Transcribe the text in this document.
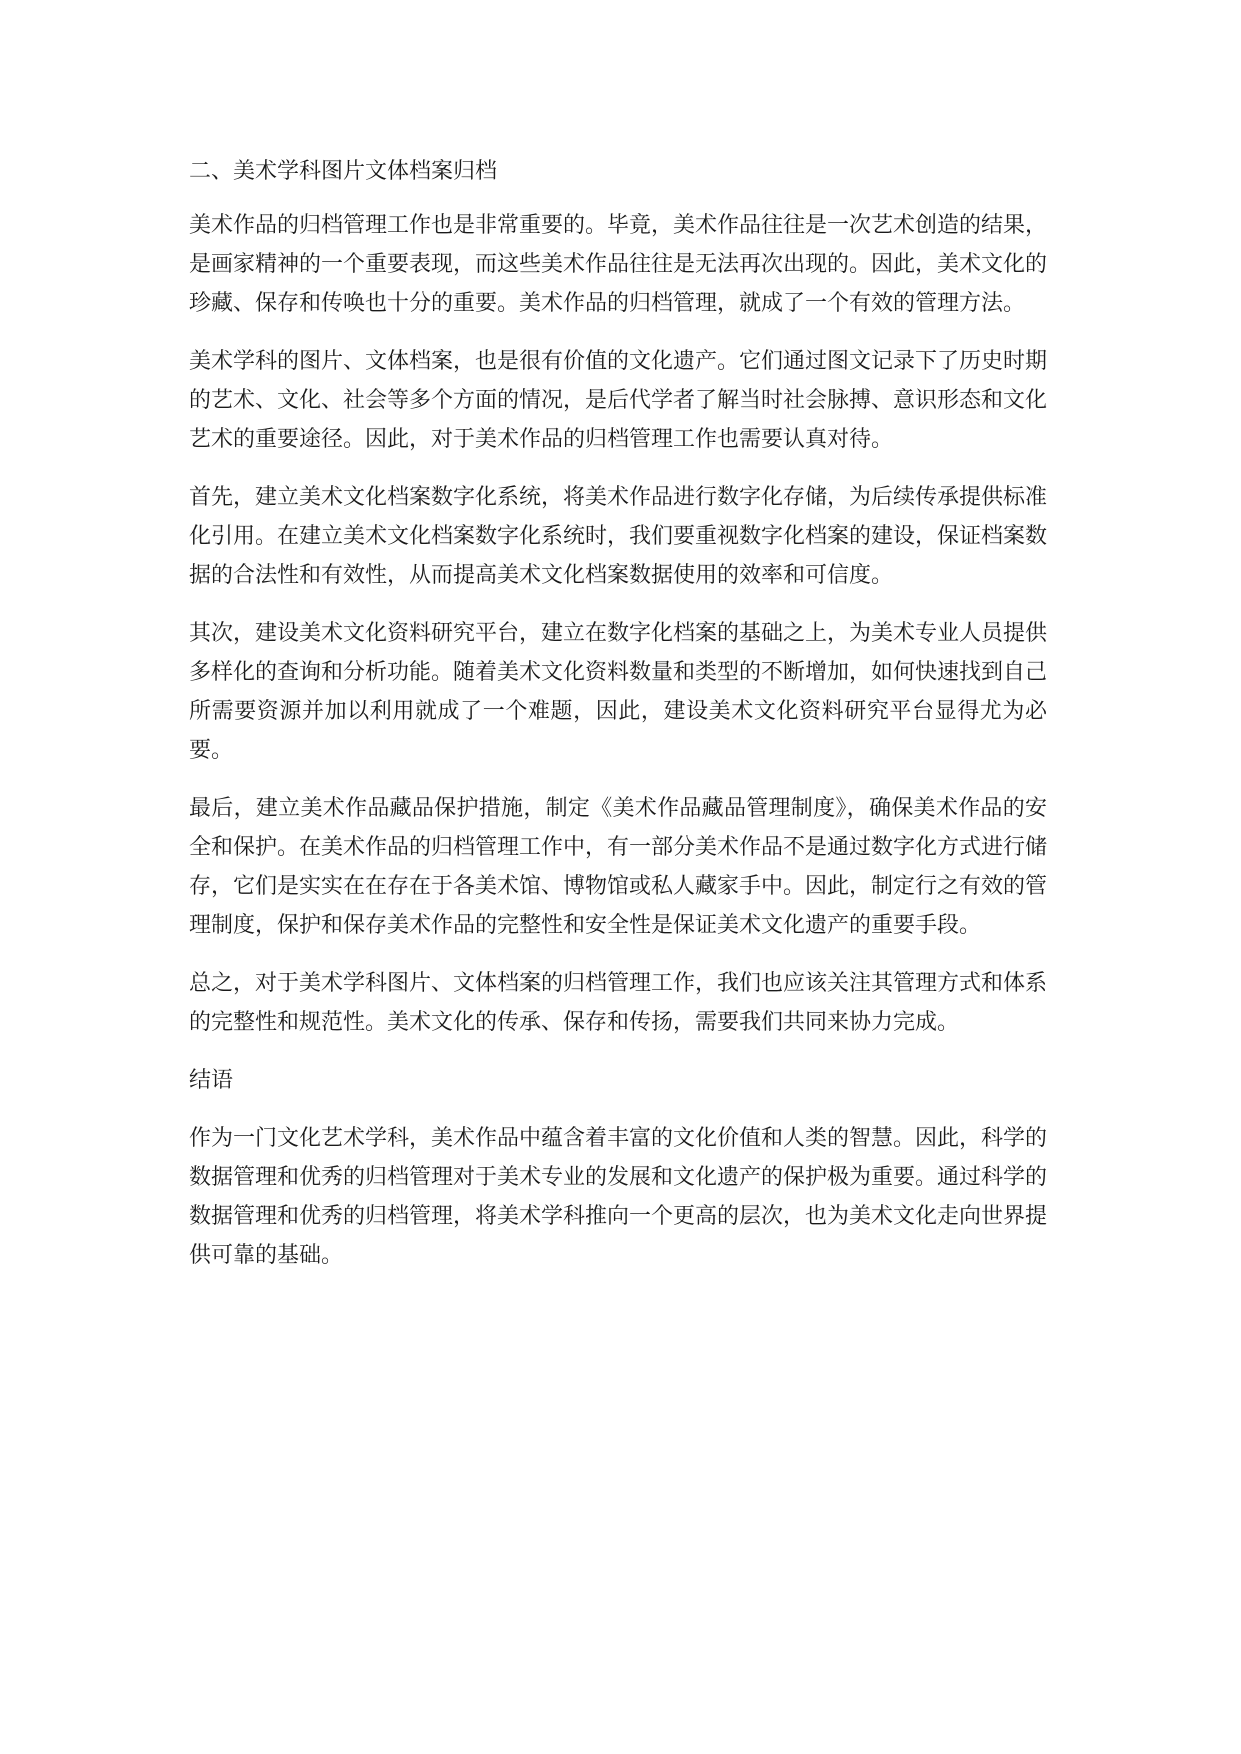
二、美术学科图片文体档案归档

美术作品的归档管理工作也是非常重要的。毕竟，美术作品往往是一次艺术创造的结果，是画家精神的一个重要表现，而这些美术作品往往是无法再次出现的。因此，美术文化的珍藏、保存和传唤也十分的重要。美术作品的归档管理，就成了一个有效的管理方法。

美术学科的图片、文体档案，也是很有价值的文化遗产。它们通过图文记录下了历史时期的艺术、文化、社会等多个方面的情况，是后代学者了解当时社会脉搏、意识形态和文化艺术的重要途径。因此，对于美术作品的归档管理工作也需要认真对待。

首先，建立美术文化档案数字化系统，将美术作品进行数字化存储，为后续传承提供标准化引用。在建立美术文化档案数字化系统时，我们要重视数字化档案的建设，保证档案数据的合法性和有效性，从而提高美术文化档案数据使用的效率和可信度。

其次，建设美术文化资料研究平台，建立在数字化档案的基础之上，为美术专业人员提供多样化的查询和分析功能。随着美术文化资料数量和类型的不断增加，如何快速找到自己所需要资源并加以利用就成了一个难题，因此，建设美术文化资料研究平台显得尤为必要。

最后，建立美术作品藏品保护措施，制定《美术作品藏品管理制度》，确保美术作品的安全和保护。在美术作品的归档管理工作中，有一部分美术作品不是通过数字化方式进行储存，它们是实实在在存在于各美术馆、博物馆或私人藏家手中。因此，制定行之有效的管理制度，保护和保存美术作品的完整性和安全性是保证美术文化遗产的重要手段。

总之，对于美术学科图片、文体档案的归档管理工作，我们也应该关注其管理方式和体系的完整性和规范性。美术文化的传承、保存和传扬，需要我们共同来协力完成。

结语

作为一门文化艺术学科，美术作品中蕴含着丰富的文化价值和人类的智慧。因此，科学的数据管理和优秀的归档管理对于美术专业的发展和文化遗产的保护极为重要。通过科学的数据管理和优秀的归档管理，将美术学科推向一个更高的层次，也为美术文化走向世界提供可靠的基础。
